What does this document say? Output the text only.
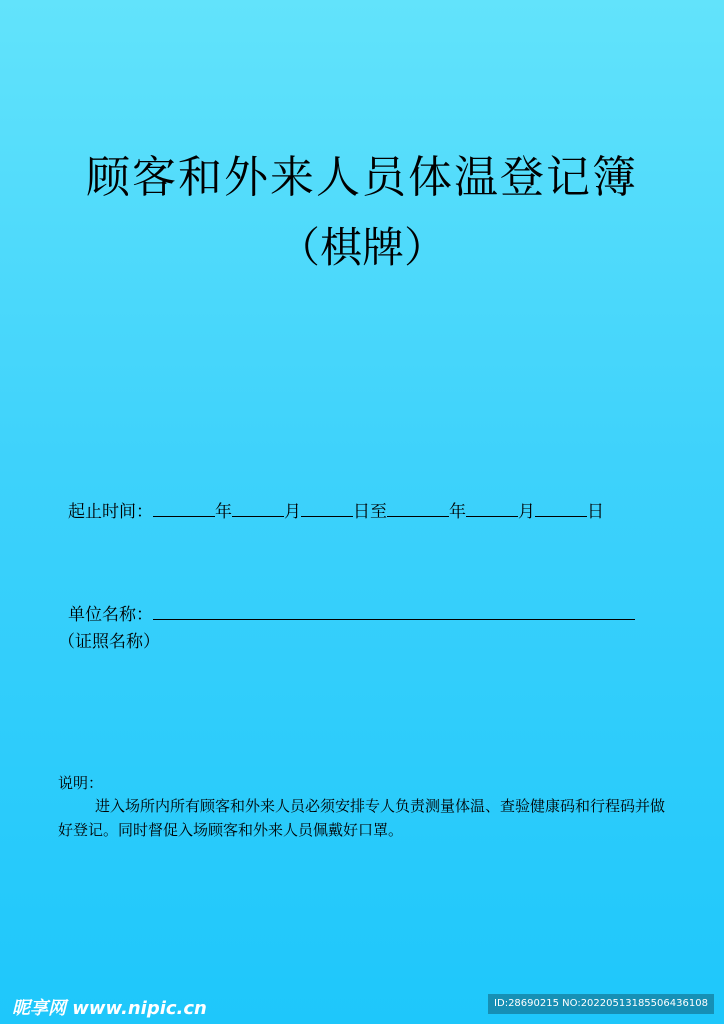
顾客和外来人员体温登记簿
（棋牌）
起止时间：	年	月	日至	年	月	日
单位名称：
（证照名称）
说明：
进入场所内所有顾客和外来人员必须安排专人负责测量体温、查验健康码和行程码并做好登记。同时督促入场顾客和外来人员佩戴好口罩。
昵享网 www.nipic.cn	ID:28690215 NO:20220513185506436108
